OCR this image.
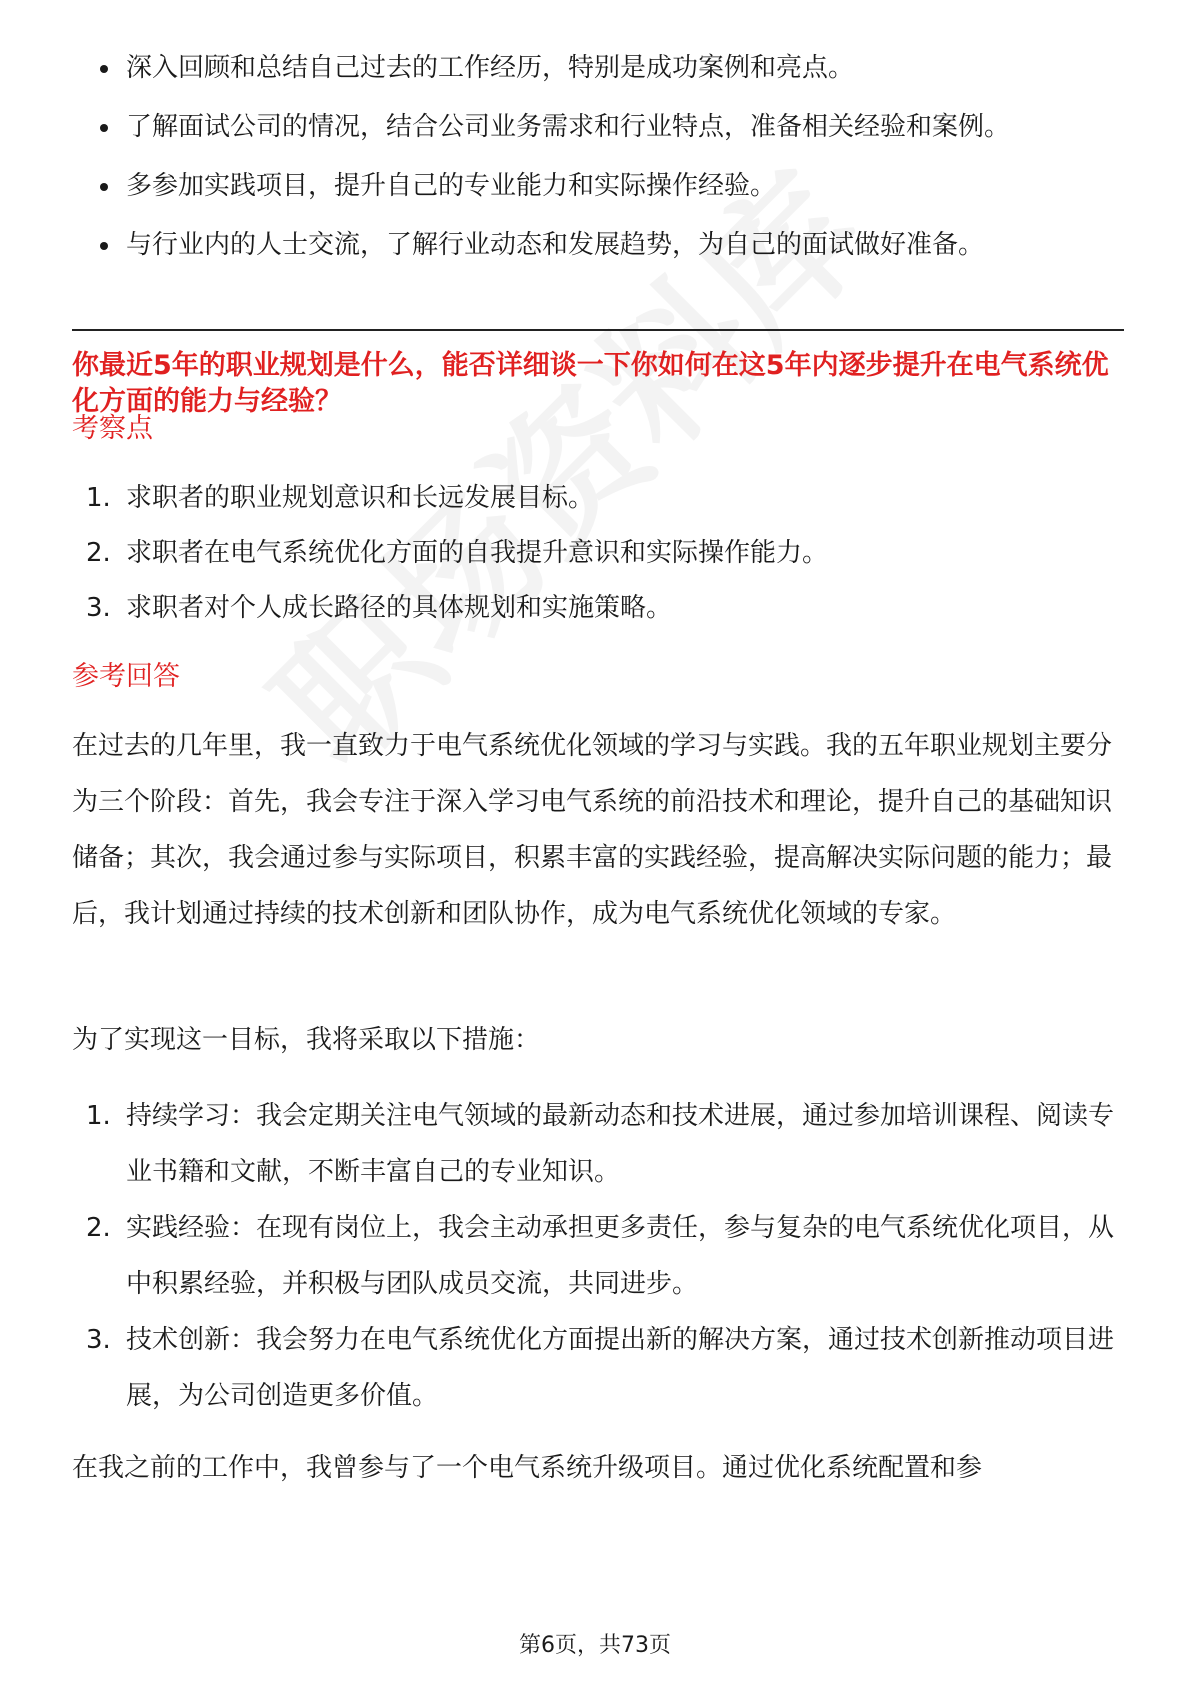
深入回顾和总结自己过去的工作经历，特别是成功案例和亮点。
了解面试公司的情况，结合公司业务需求和行业特点，准备相关经验和案例。
多参加实践项目，提升自己的专业能力和实际操作经验。
与行业内的人士交流，了解行业动态和发展趋势，为自己的面试做好准备。
你最近5年的职业规划是什么，能否详细谈一下你如何在这5年内逐步提升在电气系统优化方面的能力与经验？
考察点
1. 求职者的职业规划意识和长远发展目标。
2. 求职者在电气系统优化方面的自我提升意识和实际操作能力。
3. 求职者对个人成长路径的具体规划和实施策略。
参考回答

在过去的几年里，我一直致力于电气系统优化领域的学习与实践。我的五年职业规划主要分为三个阶段：首先，我会专注于深入学习电气系统的前沿技术和理论，提升自己的基础知识储备；其次，我会通过参与实际项目，积累丰富的实践经验，提高解决实际问题的能力；最后，我计划通过持续的技术创新和团队协作，成为电气系统优化领域的专家。

为了实现这一目标，我将采取以下措施：

1. 持续学习：我会定期关注电气领域的最新动态和技术进展，通过参加培训课程、阅读专业书籍和文献，不断丰富自己的专业知识。
2. 实践经验：在现有岗位上，我会主动承担更多责任，参与复杂的电气系统优化项目，从中积累经验，并积极与团队成员交流，共同进步。
3. 技术创新：我会努力在电气系统优化方面提出新的解决方案，通过技术创新推动项目进展，为公司创造更多价值。

在我之前的工作中，我曾参与了一个电气系统升级项目。通过优化系统配置和参

第6页，共73页
